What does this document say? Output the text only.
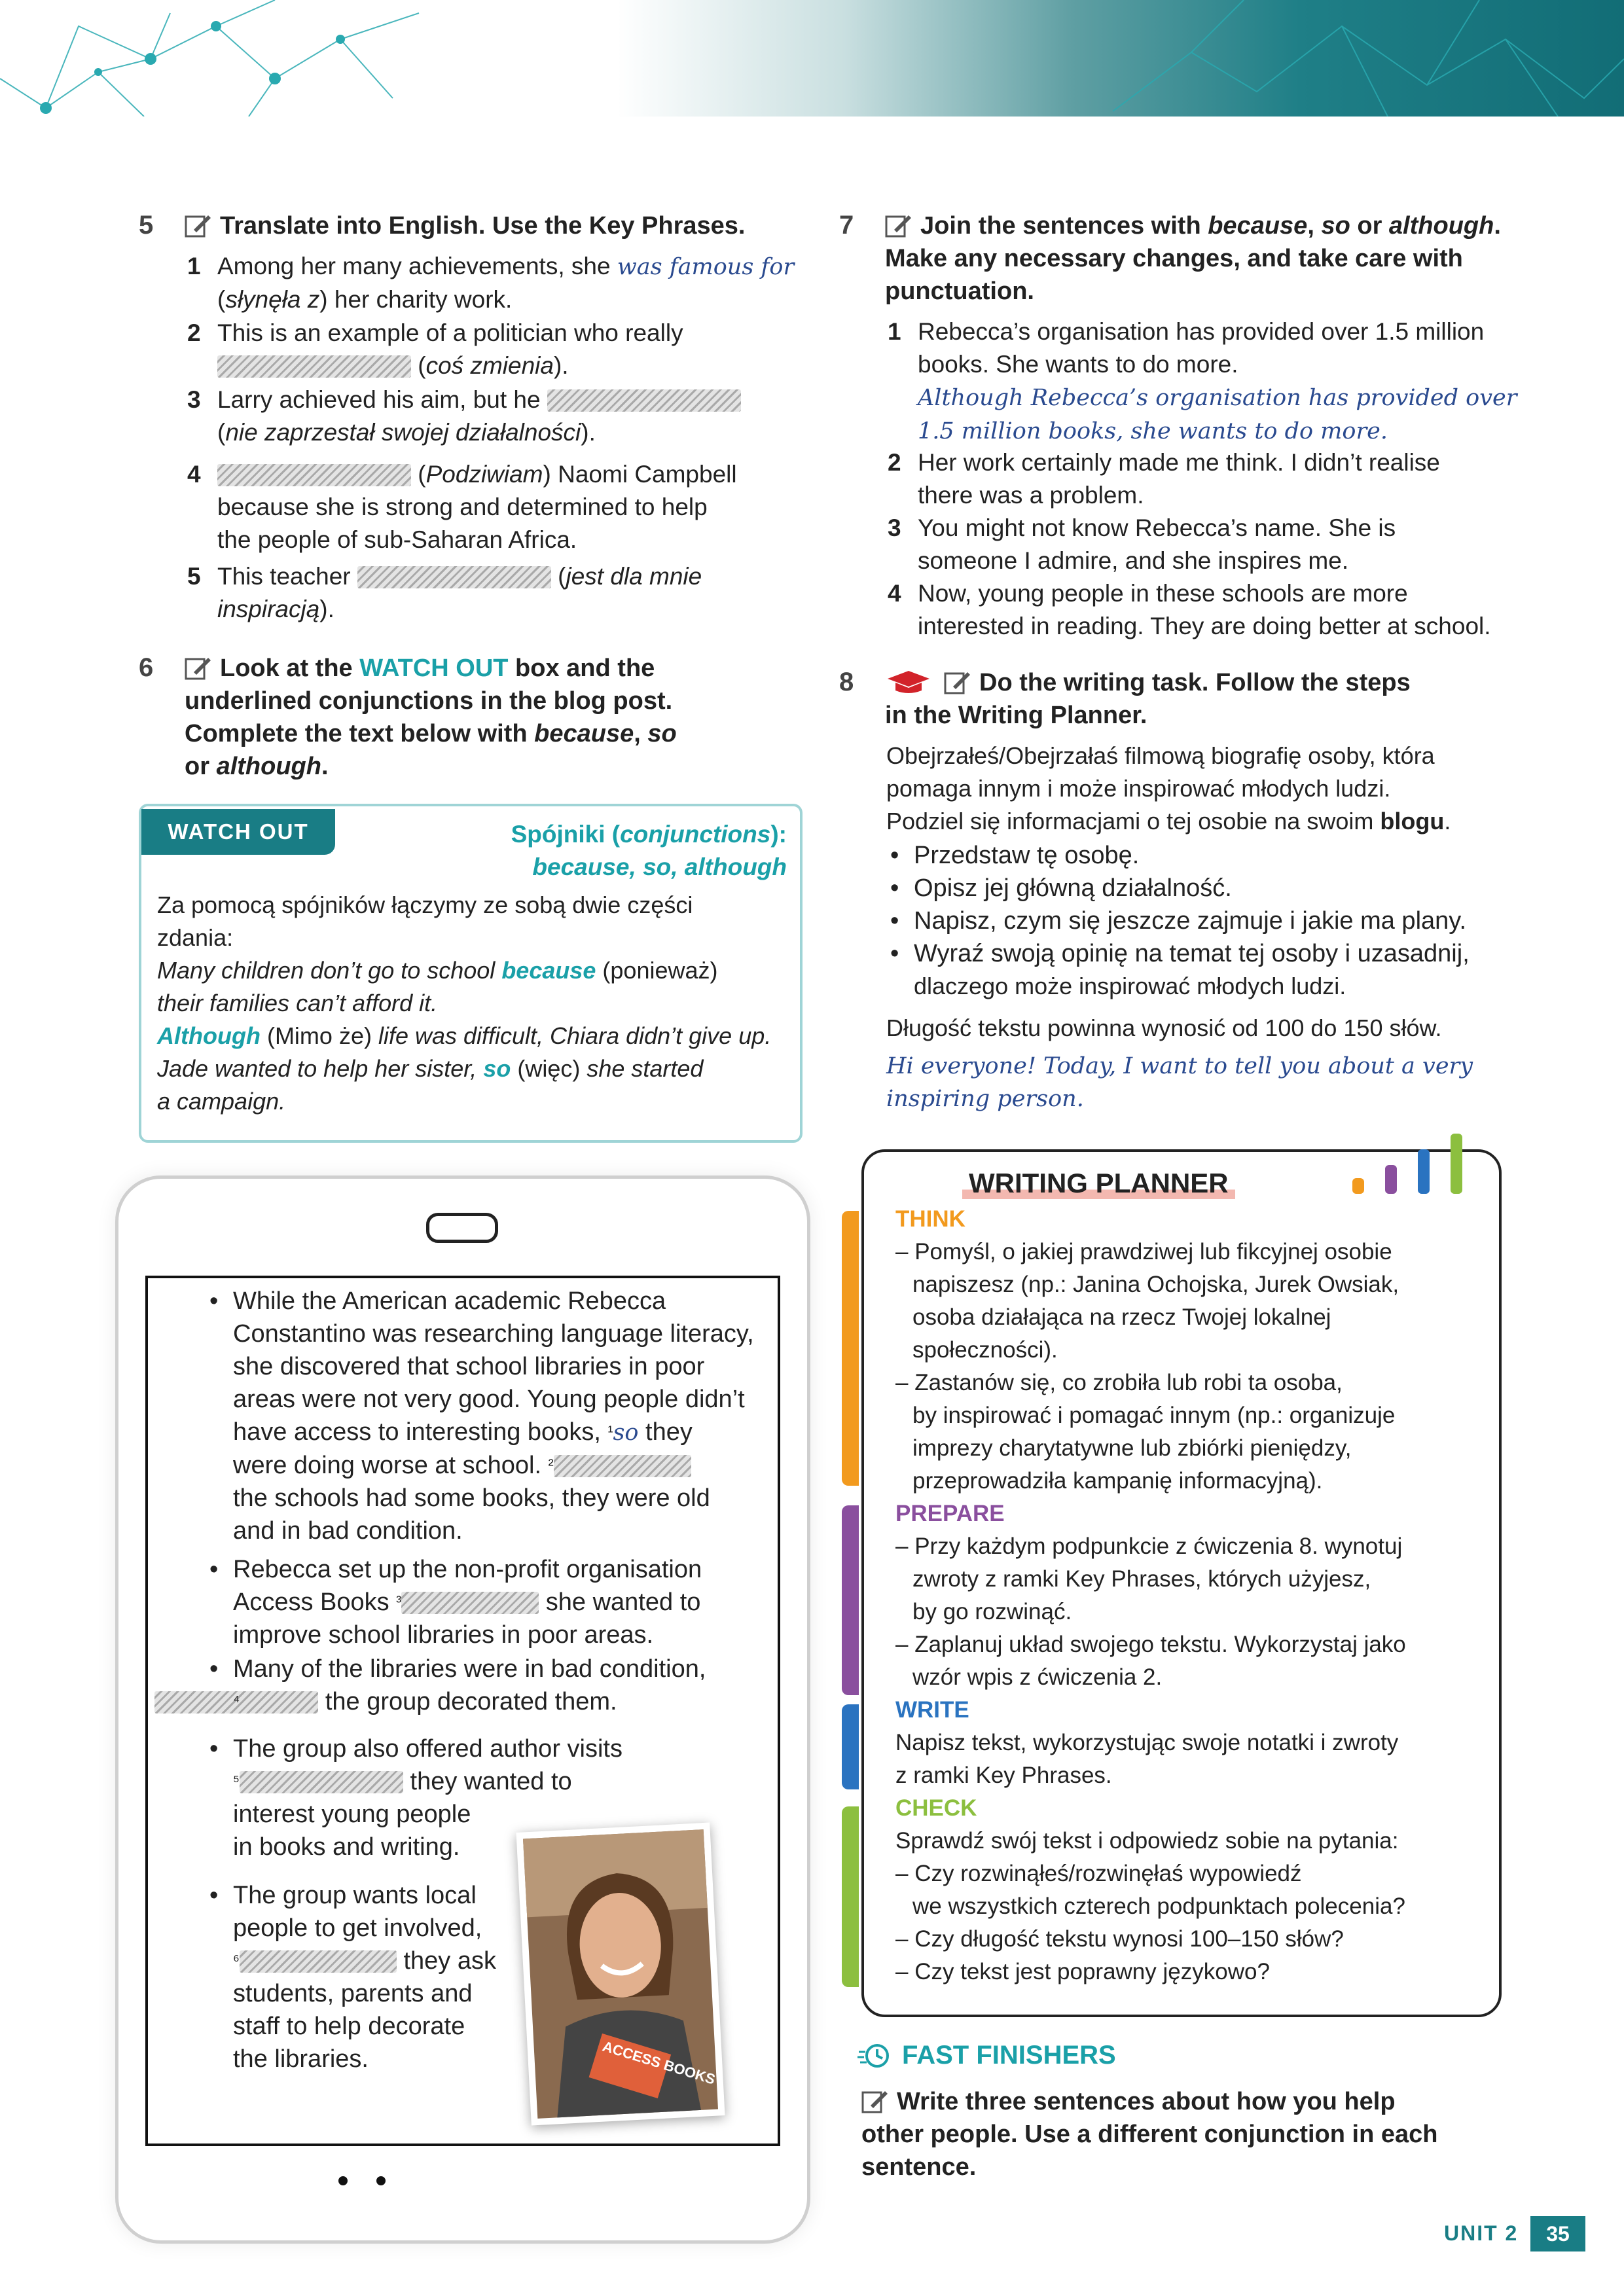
5	Translate into English. Use the Key Phrases.
1 Among her many achievements, she was famous for
(słynęła z) her charity work.
2 This is an example of a politician who really
(coś zmienia).
3 Larry achieved his aim, but he
(nie zaprzestał swojej działalności).
4	(Podziwiam) Naomi Campbell
because she is strong and determined to help
the people of sub-Saharan Africa.
5 This teacher	(jest dla mnie
inspiracją).
6	Look at the WATCH OUT box and the
underlined conjunctions in the blog post.
Complete the text below with because, so
or although.
WATCH OUT	Spójniki (conjunctions):
because, so, although
Za pomocą spójników łączymy ze sobą dwie części
zdania:
Many children don’t go to school because (ponieważ)
their families can’t afford it.
Although (Mimo że) life was difficult, Chiara didn’t give up.
Jade wanted to help her sister, so (więc) she started
a campaign.
• While the American academic Rebecca
Constantino was researching language literacy,
she discovered that school libraries in poor
areas were not very good. Young people didn’t
have access to interesting books, $^{^1}$so they
were doing worse at school. $^{^2}$
the schools had some books, they were old
and in bad condition.
• Rebecca set up the non-profit organisation
Access Books $^{^3}$	she wanted to
improve school libraries in poor areas.
• Many of the libraries were in bad condition,
$^{^4}$	the group decorated them.
• The group also offered author visits
$^{^5}$	they wanted to
interest young people
in books and writing.
• The group wants local
people to get involved,
$^{^6}$	they ask
students, parents and
staff to help decorate
the libraries.	ACCESS BOOKS
7	Join the sentences with because, so or although.
Make any necessary changes, and take care with
punctuation.
1 Rebecca’s organisation has provided over 1.5 million
books. She wants to do more.
Although Rebecca’s organisation has provided over
1.5 million books, she wants to do more.
2 Her work certainly made me think. I didn’t realise
there was a problem.
3 You might not know Rebecca’s name. She is
someone I admire, and she inspires me.
4 Now, young people in these schools are more
interested in reading. They are doing better at school.
8	Do the writing task. Follow the steps
in the Writing Planner.
Obejrzałeś/Obejrzałaś filmową biografię osoby, która
pomaga innym i może inspirować młodych ludzi.
Podziel się informacjami o tej osobie na swoim blogu.
• Przedstaw tę osobę.
• Opisz jej główną działalność.
• Napisz, czym się jeszcze zajmuje i jakie ma plany.
• Wyraź swoją opinię na temat tej osoby i uzasadnij,
dlaczego może inspirować młodych ludzi.
Długość tekstu powinna wynosić od 100 do 150 słów.
Hi everyone! Today, I want to tell you about a very
inspiring person.
WRITING PLANNER
THINK
– Pomyśl, o jakiej prawdziwej lub fikcyjnej osobie
napiszesz (np.: Janina Ochojska, Jurek Owsiak,
osoba działająca na rzecz Twojej lokalnej
społeczności).
– Zastanów się, co zrobiła lub robi ta osoba,
by inspirować i pomagać innym (np.: organizuje
imprezy charytatywne lub zbiórki pieniędzy,
przeprowadziła kampanię informacyjną).
PREPARE
– Przy każdym podpunkcie z ćwiczenia 8. wynotuj
zwroty z ramki Key Phrases, których użyjesz,
by go rozwinąć.
– Zaplanuj układ swojego tekstu. Wykorzystaj jako
wzór wpis z ćwiczenia 2.
WRITE
Napisz tekst, wykorzystując swoje notatki i zwroty
z ramki Key Phrases.
CHECK
Sprawdź swój tekst i odpowiedz sobie na pytania:
– Czy rozwinąłeś/rozwinęłaś wypowiedź
we wszystkich czterech podpunktach polecenia?
– Czy długość tekstu wynosi 100–150 słów?
– Czy tekst jest poprawny językowo?
FAST FINISHERS
Write three sentences about how you help
other people. Use a different conjunction in each
sentence.
UNIT 2	35
